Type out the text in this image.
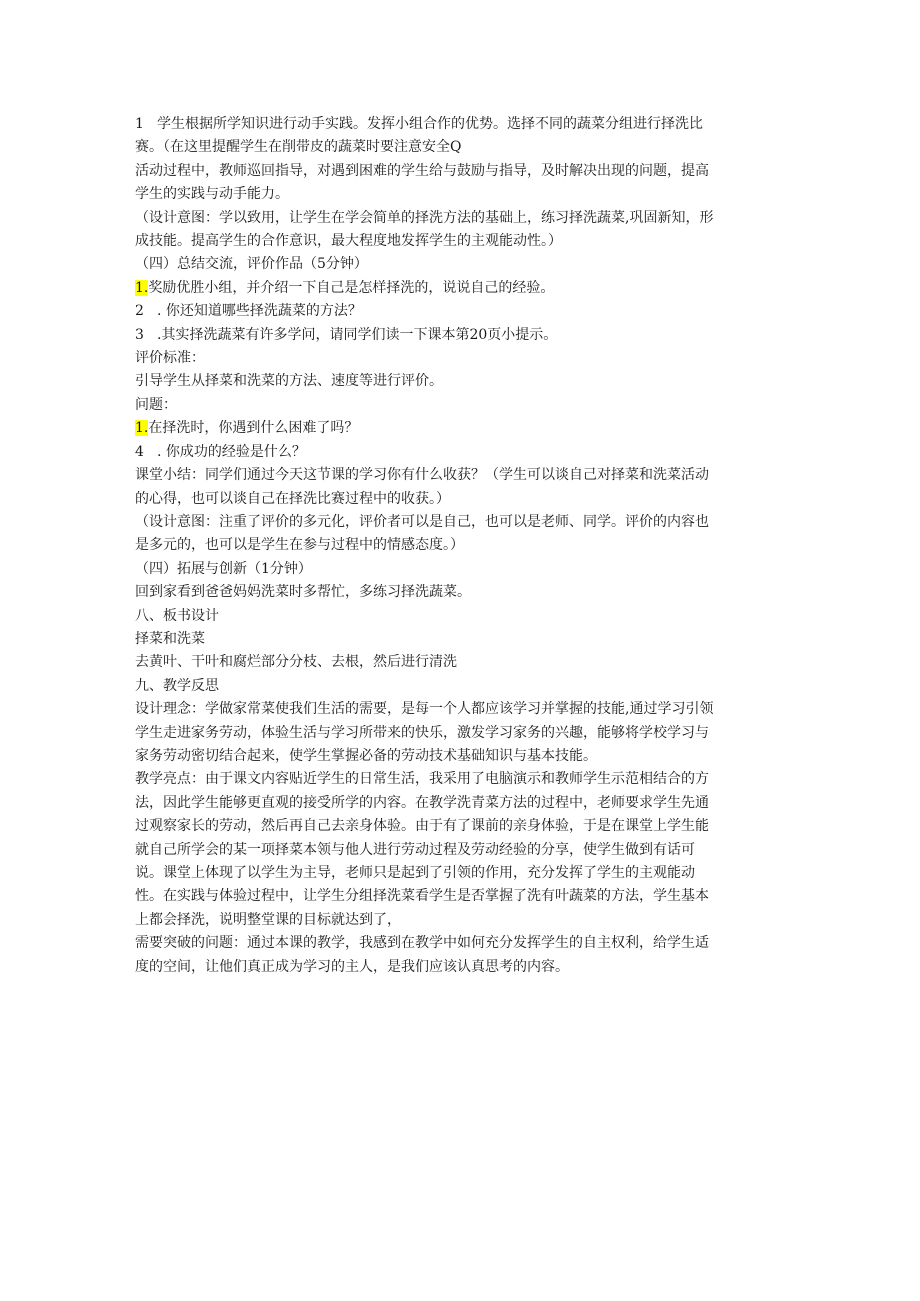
1 学生根据所学知识进行动手实践。发挥小组合作的优势。选择不同的蔬菜分组进行择洗比赛。（在这里提醒学生在削带皮的蔬菜时要注意安全Q

活动过程中，教师巡回指导，对遇到困难的学生给与鼓励与指导，及时解决出现的问题，提高学生的实践与动手能力。

（设计意图：学以致用，让学生在学会简单的择洗方法的基础上，练习择洗蔬菜,巩固新知，形成技能。提高学生的合作意识，最大程度地发挥学生的主观能动性。）

（四）总结交流，评价作品（5分钟）

1.奖励优胜小组，并介绍一下自己是怎样择洗的，说说自己的经验。

2 . 你还知道哪些择洗蔬菜的方法？

3 .其实择洗蔬菜有许多学问，请同学们读一下课本第20页小提示。

评价标准：

引导学生从择菜和洗菜的方法、速度等进行评价。

问题：

1.在择洗时，你遇到什么困难了吗？

4 . 你成功的经验是什么？

课堂小结：同学们通过今天这节课的学习你有什么收获？（学生可以谈自己对择菜和洗菜活动的心得，也可以谈自己在择洗比赛过程中的收获。）

（设计意图：注重了评价的多元化，评价者可以是自己，也可以是老师、同学。评价的内容也是多元的，也可以是学生在参与过程中的情感态度。）

（四）拓展与创新（1分钟）

回到家看到爸爸妈妈洗菜时多帮忙，多练习择洗蔬菜。

八、板书设计

择菜和洗菜

去黄叶、干叶和腐烂部分分枝、去根，然后进行清洗

九、教学反思

设计理念：学做家常菜使我们生活的需要，是每一个人都应该学习并掌握的技能,通过学习引领学生走进家务劳动，体验生活与学习所带来的快乐，激发学习家务的兴趣，能够将学校学习与家务劳动密切结合起来，使学生掌握必备的劳动技术基础知识与基本技能。

教学亮点：由于课文内容贴近学生的日常生活，我采用了电脑演示和教师学生示范相结合的方法，因此学生能够更直观的接受所学的内容。在教学洗青菜方法的过程中，老师要求学生先通过观察家长的劳动，然后再自己去亲身体验。由于有了课前的亲身体验，于是在课堂上学生能就自己所学会的某一项择菜本领与他人进行劳动过程及劳动经验的分享，使学生做到有话可说。课堂上体现了以学生为主导，老师只是起到了引领的作用，充分发挥了学生的主观能动性。在实践与体验过程中，让学生分组择洗菜看学生是否掌握了洗有叶蔬菜的方法，学生基本上都会择洗，说明整堂课的目标就达到了，

需要突破的问题：通过本课的教学，我感到在教学中如何充分发挥学生的自主权利，给学生适度的空间，让他们真正成为学习的主人，是我们应该认真思考的内容。
